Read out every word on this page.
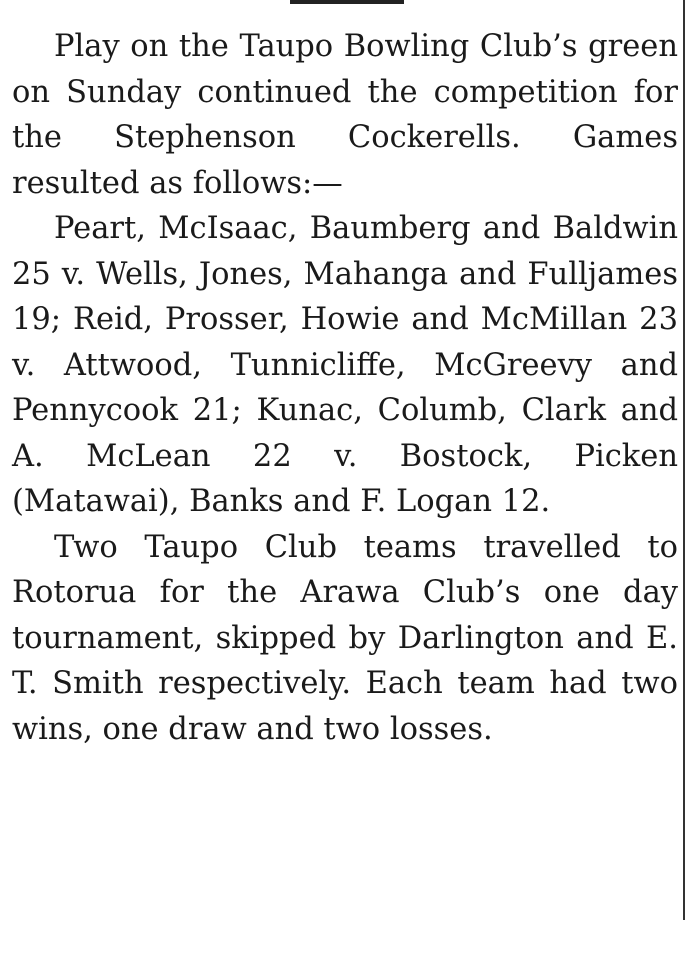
Play on the Taupo Bowling Club’s green on Sunday continued the competition for the Stephenson Cockerells. Games resulted as follows:—

Peart, McIsaac, Baumberg and Baldwin 25 v. Wells, Jones, Mahanga and Fulljames 19; Reid, Prosser, Howie and McMillan 23 v. Attwood, Tunnicliffe, McGreevy and Pennycook 21; Kunac, Columb, Clark and A. McLean 22 v. Bostock, Picken (Matawai), Banks and F. Logan 12.

Two Taupo Club teams travelled to Rotorua for the Arawa Club’s one day tournament, skipped by Darlington and E. T. Smith respectively. Each team had two wins, one draw and two losses.
